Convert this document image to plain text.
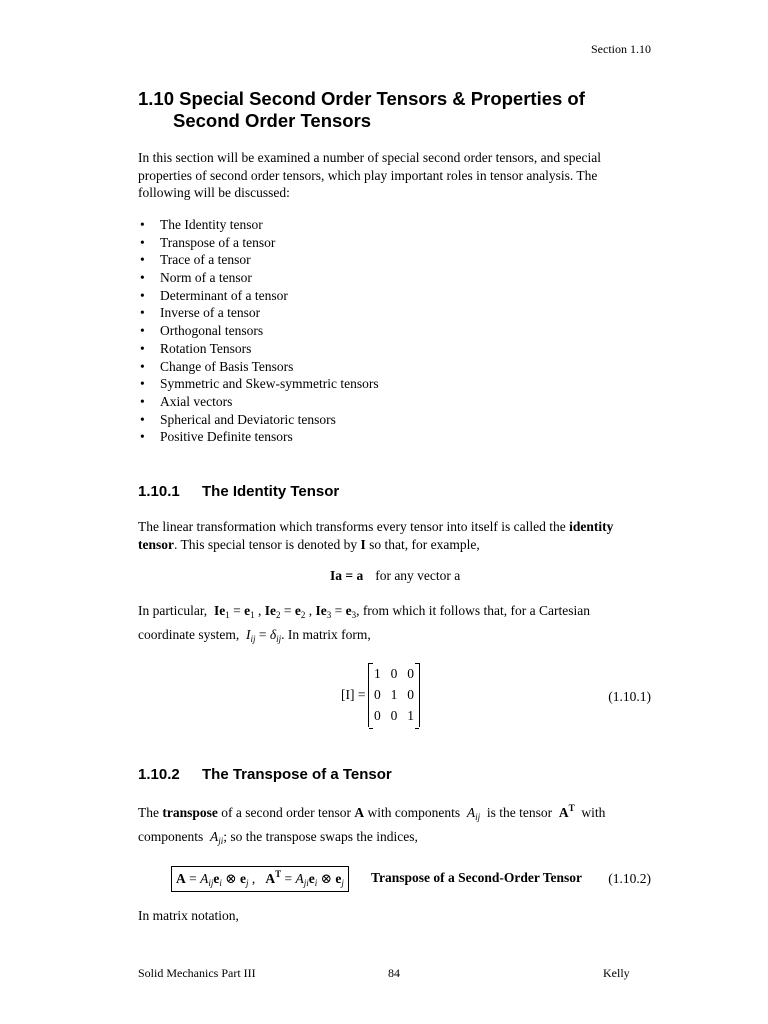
Section 1.10
1.10 Special Second Order Tensors & Properties of
Second Order Tensors
In this section will be examined a number of special second order tensors, and special
properties of second order tensors, which play important roles in tensor analysis. The
following will be discussed:
• The Identity tensor
• Transpose of a tensor
• Trace of a tensor
• Norm of a tensor
• Determinant of a tensor
• Inverse of a tensor
• Orthogonal tensors
• Rotation Tensors
• Change of Basis Tensors
• Symmetric and Skew-symmetric tensors
• Axial vectors
• Spherical and Deviatoric tensors
• Positive Definite tensors
1.10.1 The Identity Tensor
The linear transformation which transforms every tensor into itself is called the identity
tensor. This special tensor is denoted by I so that, for example,
Ia = a for any vector a
In particular, $Ie_1 = e_1$ , $Ie_2 = e_2$ , $Ie_3 = e_3$, from which it follows that, for a Cartesian
coordinate system, $I_{ij} = \delta_{ij}$. In matrix form,
[I] =
1 0 0
0 1 0
0 0 1
(1.10.1)
1.10.2 The Transpose of a Tensor
The transpose of a second order tensor A with components $A_{ij}$ is the tensor $A^T$ with
components $A_{ji}$; so the transpose swaps the indices,
$A = A_{ij}e_i$ ⊗ $e_j$ ,   $A^T = A_{ji}e_i$ ⊗ $e_j$	Transpose of a Second-Order Tensor (1.10.2)
In matrix notation,
Solid Mechanics Part III	84	Kelly
